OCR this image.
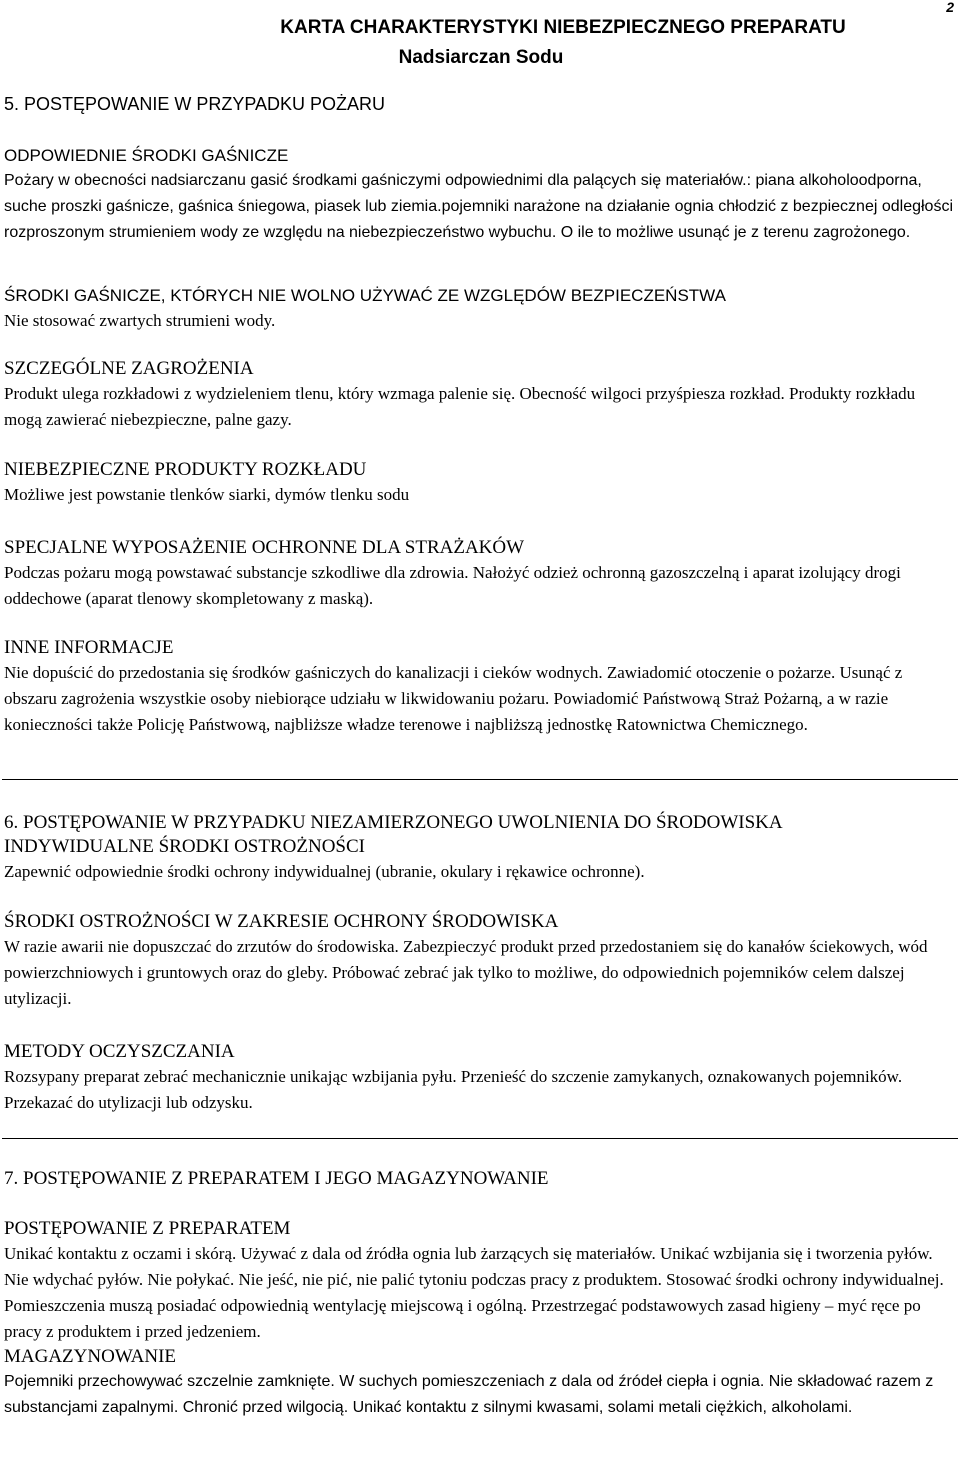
2
KARTA CHARAKTERYSTYKI NIEBEZPIECZNEGO PREPARATU
Nadsiarczan Sodu
5. POSTĘPOWANIE W PRZYPADKU POŻARU
ODPOWIEDNIE ŚRODKI GAŚNICZE
Pożary w obecności nadsiarczanu gasić środkami gaśniczymi odpowiednimi dla palących się materiałów.: piana alkoholoodporna, suche proszki gaśnicze, gaśnica śniegowa, piasek lub ziemia.pojemniki narażone na działanie ognia chłodzić z bezpiecznej odległości rozproszonym strumieniem wody ze względu na niebezpieczeństwo wybuchu. O ile to możliwe usunąć je z terenu zagrożonego.
ŚRODKI GAŚNICZE, KTÓRYCH NIE WOLNO UŻYWAĆ ZE WZGLĘDÓW BEZPIECZEŃSTWA
Nie stosować zwartych strumieni wody.
SZCZEGÓLNE ZAGROŻENIA
Produkt ulega rozkładowi z wydzieleniem tlenu, który wzmaga palenie się. Obecność wilgoci przyśpiesza rozkład. Produkty rozkładu mogą zawierać niebezpieczne, palne gazy.
NIEBEZPIECZNE PRODUKTY ROZKŁADU
Możliwe jest powstanie tlenków siarki, dymów tlenku sodu
SPECJALNE WYPOSAŻENIE OCHRONNE DLA STRAŻAKÓW
Podczas pożaru mogą powstawać substancje szkodliwe dla zdrowia. Nałożyć odzież ochronną gazoszczelną i aparat izolujący drogi oddechowe (aparat tlenowy skompletowany z maską).
INNE INFORMACJE
Nie dopuścić do przedostania się środków gaśniczych do kanalizacji i cieków wodnych. Zawiadomić otoczenie o pożarze. Usunąć z obszaru zagrożenia wszystkie osoby niebiorące udziału w likwidowaniu pożaru. Powiadomić Państwową Straż Pożarną, a w razie konieczności także Policję Państwową, najbliższe władze terenowe i najbliższą jednostkę Ratownictwa Chemicznego.
6. POSTĘPOWANIE W PRZYPADKU NIEZAMIERZONEGO UWOLNIENIA DO ŚRODOWISKA
INDYWIDUALNE ŚRODKI OSTROŻNOŚCI
Zapewnić odpowiednie środki ochrony indywidualnej (ubranie, okulary i rękawice ochronne).
ŚRODKI OSTROŻNOŚCI W ZAKRESIE OCHRONY ŚRODOWISKA
W razie awarii nie dopuszczać do zrzutów do środowiska. Zabezpieczyć produkt przed przedostaniem się do kanałów ściekowych, wód powierzchniowych i gruntowych oraz do gleby. Próbować zebrać jak tylko to możliwe, do odpowiednich pojemników celem dalszej utylizacji.
METODY OCZYSZCZANIA
Rozsypany preparat zebrać mechanicznie unikając wzbijania pyłu. Przenieść do szczenie zamykanych, oznakowanych pojemników. Przekazać do utylizacji lub odzysku.
7. POSTĘPOWANIE Z PREPARATEM I JEGO MAGAZYNOWANIE
POSTĘPOWANIE Z PREPARATEM
Unikać kontaktu z oczami i skórą. Używać z dala od źródła ognia lub żarzących się materiałów. Unikać wzbijania się i tworzenia pyłów. Nie wdychać pyłów. Nie połykać. Nie jeść, nie pić, nie palić tytoniu podczas pracy z produktem. Stosować środki ochrony indywidualnej. Pomieszczenia muszą posiadać odpowiednią wentylację miejscową i ogólną. Przestrzegać podstawowych zasad higieny – myć ręce po pracy z produktem i przed jedzeniem.
MAGAZYNOWANIE
Pojemniki przechowywać szczelnie zamknięte. W suchych pomieszczeniach z dala od źródeł ciepła i ognia. Nie składować razem z substancjami zapalnymi. Chronić przed wilgocią. Unikać kontaktu z silnymi kwasami, solami metali ciężkich, alkoholami.
